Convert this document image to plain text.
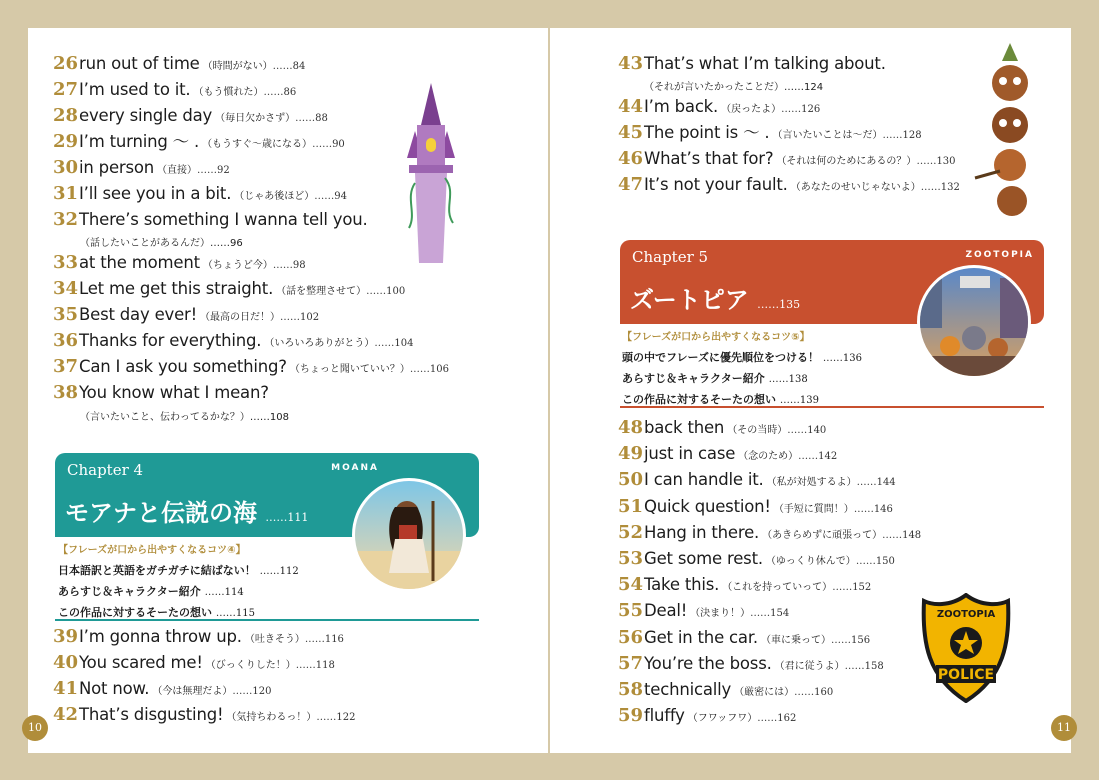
26run out of time （時間がない）……84
27I’m used to it. （もう慣れた）……86
28every single day （毎日欠かさず）……88
29I’m turning ～ . （もうすぐ～歳になる）……90
30in person （直接）……92
31I’ll see you in a bit. （じゃあ後ほど）……94
32There’s something I wanna tell you.
33at the moment （ちょうど今）……98
34Let me get this straight. （話を整理させて）……100
35Best day ever! （最高の日だ！）……102
36Thanks for everything. （いろいろありがとう）……104
37Can I ask you something? （ちょっと聞いていい？）……106
38You know what I mean?
（話したいことがあるんだ）……96
（言いたいこと、伝わってるかな？）……108
Chapter 4	MOANA
モアナと伝説の海 ……111
【フレーズが口から出やすくなるコツ④】
日本語訳と英語をガチガチに結ばない！ ……112
あらすじ＆キャラクター紹介 ……114
この作品に対するそーたの想い ……115
39I’m gonna throw up. （吐きそう）……116
40You scared me! （びっくりした！）……118
41Not now. （今は無理だよ）……120
42That’s disgusting! （気持ちわるっ！）……122
10
43That’s what I’m talking about.
44I’m back. （戻ったよ）……126
45The point is ～ . （言いたいことは～だ）……128
46What’s that for? （それは何のためにあるの？）……130
47It’s not your fault. （あなたのせいじゃないよ）……132
（それが言いたかったことだ）……124
Chapter 5	ZOOTOPIA
ズートピア ……135
【フレーズが口から出やすくなるコツ⑤】
頭の中でフレーズに優先順位をつける！ ……136
あらすじ＆キャラクター紹介 ……138
この作品に対するそーたの想い ……139
48back then （その当時）……140
49just in case （念のため）……142
50I can handle it. （私が対処するよ）……144
51Quick question! （手短に質問！）……146
52Hang in there. （あきらめずに頑張って）……148
53Get some rest. （ゆっくり休んで）……150
54Take this. （これを持っていって）……152
55Deal! （決まり！）……154
56Get in the car. （車に乗って）……156
57You’re the boss. （君に従うよ）……158
58technically （厳密には）……160
59fluffy （フワッフワ）……162
ZOOTOPIA
POLICE
11
